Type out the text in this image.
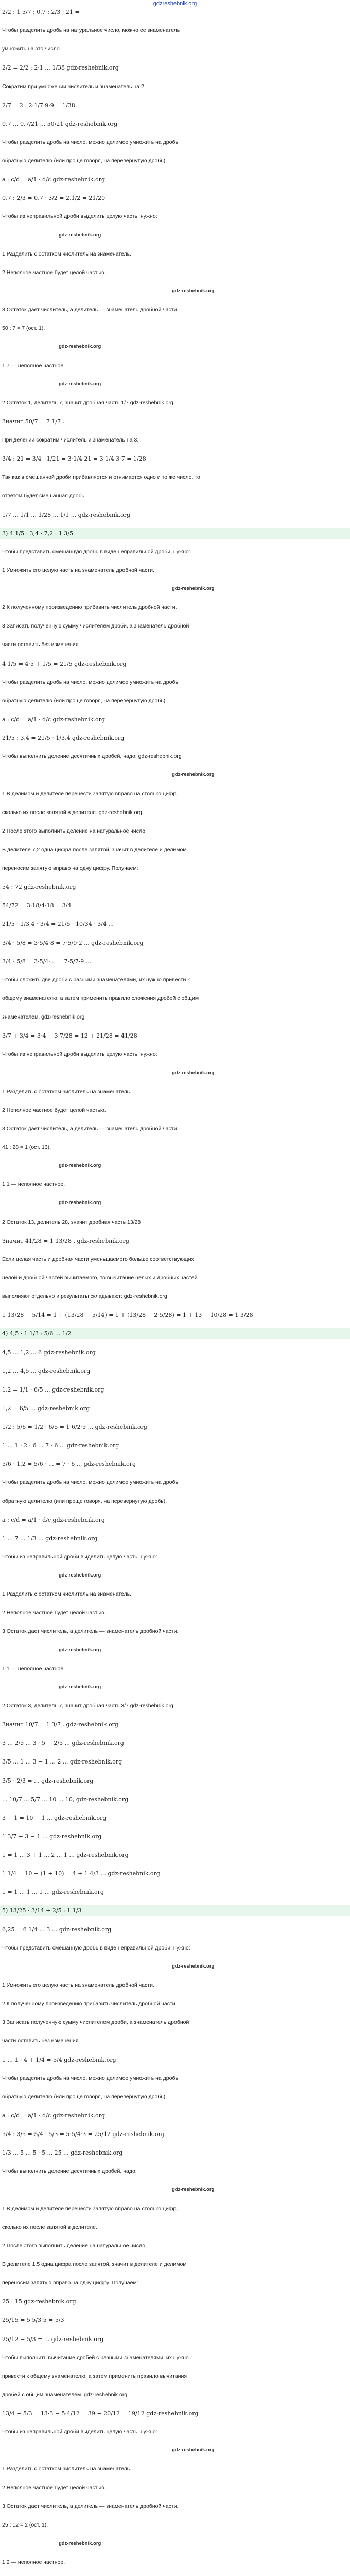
gdzreshebnik.org

2/2 : 1 5/7 ; 0,7 : 2/3 ; 21 =

Чтобы разделить дробь на натуральное число, можно ее знаменатель

умножить на это число.

2/2 = 2/2 ; 2·1 ... 1/38 gdz-reshebnik.org

Сократим при умножении числитель и знаменатель на 2

2/7 = 2 : 2·1/7·9·9 = 1/38

0,7 ... 0,7/21 ... 50/21 gdz-reshebnik.org

Чтобы разделить дробь на число, можно делимое умножить на дробь,

обратную делителю (или проще говоря, на перевернутую дробь).

a : c/d = a/1 · d/c gdz-reshebnik.org

0,7 : 2/3 = 0,7 · 3/2 = 2,1/2 = 21/20

Чтобы из неправильной дроби выделить целую часть, нужно:

gdz-reshebnik.org

1 Разделить с остатком числитель на знаменатель.

2 Неполное частное будет целой частью.

gdz-reshebnik.org

3 Остаток дает числитель, а делитель — знаменатель дробной части.

50 : 7 = 7 (ост. 1),

gdz-reshebnik.org

1 7 — неполное частное.

gdz-reshebnik.org

2 Остаток 1, делитель 7, значит дробная часть 1/7 gdz-reshebnik.org

Значит 50/7 = 7 1/7 .

При делении сократим числитель и знаменатель на 3.

3/4 : 21 = 3/4 · 1/21 = 3·1/4·21 = 3·1/4·3·7 = 1/28

Так как в смешанной дроби прибавляется и отнимается одно и то же число, то

ответом будет смешанная дробь:

1/7 ... 1/1 ... 1/28 ... 1/1 ... gdz-reshebnik.org

3) 4 1/5 : 3,4 · 7,2 : 1 3/5 =

Чтобы представить смешанную дробь в виде неправильной дроби, нужно:

1 Умножить его целую часть на знаменатель дробной части.

gdz-reshebnik.org

2 К полученному произведению прибавить числитель дробной части.

3 Записать полученную сумму числителем дроби, а знаменатель дробной

части оставить без изменения

4 1/5 = 4·5 + 1/5 = 21/5 gdz-reshebnik.org

Чтобы разделить дробь на число, можно делимое умножить на дробь,

обратную делителю (или проще говоря, на перевернутую дробь).

a : c/d = a/1 · d/c gdz-reshebnik.org

21/5 : 3,4 = 21/5 · 1/3,4 gdz-reshebnik.org

Чтобы выполнить деление десятичных дробей, надо: gdz-reshebnik.org

gdz-reshebnik.org

1 В делимом и делителе перенести запятую вправо на столько цифр,

сколько их после запятой в делителе. gdz-reshebnik.org

2 После этого выполнить деление на натуральное число.

В делителе 7,2 одна цифра после запятой, значит в делителе и делимом

переносим запятую вправо на одну цифру. Получаем:

54 : 72 gdz-reshebnik.org

54/72 = 3·18/4·18 = 3/4

21/5 · 1/3,4 · 3/4 = 21/5 · 10/34 · 3/4 ...

3/4 · 5/8 = 3·5/4·8 = 7·5/9·2 ... gdz-reshebnik.org

3/4 · 5/8 = 3·5/4·... = 7·5/7·9 ...

Чтобы сложить две дроби с разными знаменателями, их нужно привести к

общему знаменателю, а затем применить правило сложения дробей с общим

знаменателем. gdz-reshebnik.org

3/7 + 3/4 = 3·4 + 3·7/28 = 12 + 21/28 = 41/28

Чтобы из неправильной дроби выделить целую часть, нужно:

gdz-reshebnik.org

1 Разделить с остатком числитель на знаменатель.

2 Неполное частное будет целой частью.

3 Остаток дает числитель, а делитель — знаменатель дробной части.

41 : 28 = 1 (ост. 13),

gdz-reshebnik.org

1 1 — неполное частное.

gdz-reshebnik.org

2 Остаток 13, делитель 28, значит дробная часть 13/28

Значит 41/28 = 1 13/28 . gdz-reshebnik.org

Если целая часть и дробная части уменьшаемого больше соответствующих

целой и дробной частей вычитаемого, то вычитание целых и дробных частей

выполняют отдельно и результаты складывают: gdz-reshebnik.org

1 13/28 − 5/14 = 1 + (13/28 − 5/14) = 1 + (13/28 − 2·5/28) = 1 + 13 − 10/28 = 1 3/28

4) 4,5 · 1 1/3 : 5/6 ... 1/2 =

4,5 ... 1,2 ... 6 gdz-reshebnik.org

1,2 ... 4,5 ... gdz-reshebnik.org

1,2 = 1/1 · 6/5 ... gdz-reshebnik.org

1,2 = 6/5 ... gdz-reshebnik.org

1/2 : 5/6 = 1/2 · 6/5 = 1·6/2·5 ... gdz-reshebnik.org

1 ... 1 · 2 · 6 ... 7 · 6 ... gdz-reshebnik.org

5/6 · 1,2 = 5/6 · ... = 7 · 6 ... gdz-reshebnik.org

Чтобы разделить дробь на число, можно делимое умножить на дробь,

обратную делителю (или проще говоря, на перевернутую дробь).

a : c/d = a/1 · d/c gdz-reshebnik.org

1 ... 7 ... 1/3 ... gdz-reshebnik.org

Чтобы из неправильной дроби выделить целую часть, нужно:

gdz-reshebnik.org

1 Разделить с остатком числитель на знаменатель.

2 Неполное частное будет целой частью.

3 Остаток дает числитель, а делитель — знаменатель дробной части.

gdz-reshebnik.org

1 1 — неполное частное.

gdz-reshebnik.org

2 Остаток 3, делитель 7, значит дробная часть 3/7 gdz-reshebnik.org

Значит 10/7 = 1 3/7 . gdz-reshebnik.org

3 ... 2/5 ... 3 · 5 − 2/5 ... gdz-reshebnik.org

3/5 ... 1 ... 3 − 1 ... 2 ... gdz-reshebnik.org

3/5 · 2/3 = ... gdz-reshebnik.org

... 10/7 ... 5/7 ... 10 ... 10, gdz-reshebnik.org

3 − 1 = 10 − 1 ... gdz-reshebnik.org

1 3/7 + 3 − 1 ... gdz-reshebnik.org

1 = 1 ... 3 + 1 ... 2 ... 1 ... gdz-reshebnik.org

1 1/4 = 10 − (1 + 10) = 4 + 1 4/3 ... gdz-reshebnik.org

1 = 1 ... 1 ... 1 ... gdz-reshebnik.org

5) 13/25 · 3/14 + 2/5 : 1 1/3 =

6,25 = 6 1/4 ... 3 ... gdz-reshebnik.org

Чтобы представить смешанную дробь в виде неправильной дроби, нужно:

gdz-reshebnik.org

1 Умножить его целую часть на знаменатель дробной части.

2 К полученному произведению прибавить числитель дробной части.

3 Записать полученную сумму числителем дроби, а знаменатель дробной

части оставить без изменения

1 ... 1 · 4 + 1/4 = 5/4 gdz-reshebnik.org

Чтобы разделить дробь на число, можно делимое умножить на дробь,

обратную делителю (или проще говоря, на перевернутую дробь).

a : c/d = a/1 · d/c gdz-reshebnik.org

5/4 : 3/5 = 5/4 · 5/3 = 5·5/4·3 = 25/12 gdz-reshebnik.org

1/3 ... 5 ... 5 · 5 ... 25 ... gdz-reshebnik.org

Чтобы выполнить деление десятичных дробей, надо:

gdz-reshebnik.org

1 В делимом и делителе перенести запятую вправо на столько цифр,

сколько их после запятой в делителе.

2 После этого выполнить деление на натуральное число.

В делителе 1,5 одна цифра после запятой, значит в делителе и делимом

переносим запятую вправо на одну цифру. Получаем:

25 : 15 gdz-reshebnik.org

25/15 = 5·5/3·5 = 5/3

25/12 − 5/3 = ... gdz-reshebnik.org

Чтобы выполнить вычитание дробей с разными знаменателями, их нужно

привести к общему знаменателю, а затем применить правило вычитания

дробей с общим знаменателем. gdz-reshebnik.org

13/4 − 5/3 = 13·3 − 5·4/12 = 39 − 20/12 = 19/12 gdz-reshebnik.org

Чтобы из неправильной дроби выделить целую часть, нужно:

gdz-reshebnik.org

1 Разделить с остатком числитель на знаменатель.

2 Неполное частное будет целой частью.

3 Остаток дает числитель, а делитель — знаменатель дробной части.

25 : 12 = 2 (ост. 1),

gdz-reshebnik.org

1 2 — неполное частное.
